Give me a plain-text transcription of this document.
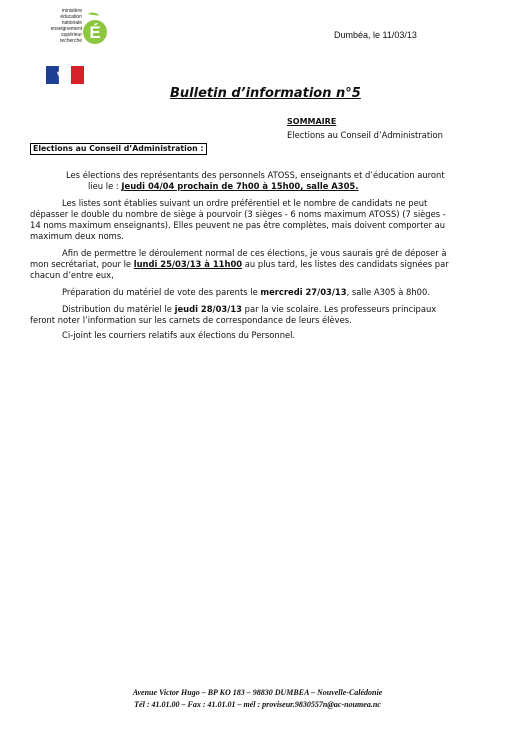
ministère
éducation
nationale
enseignement
supérieur
recherche É	Dumbéa, le 11/03/13
Bulletin d’information n°5
SOMMAIRE
Elections au Conseil d’Administration
Elections au Conseil d’Administration :
Les élections des représentants des personnels ATOSS, enseignants et d’éducation auront
lieu le : Jeudi 04/04 prochain de 7h00 à 15h00, salle A305.
Les listes sont établies suivant un ordre préférentiel et le nombre de candidats ne peut
dépasser le double du nombre de siège à pourvoir (3 sièges - 6 noms maximum ATOSS) (7 sièges -
14 noms maximum enseignants). Elles peuvent ne pas être complètes, mais doivent comporter au
maximum deux noms.
Afin de permettre le déroulement normal de ces élections, je vous saurais gré de déposer à
mon secrétariat, pour le lundi 25/03/13 à 11h00 au plus tard, les listes des candidats signées par
chacun d’entre eux,
Préparation du matériel de vote des parents le mercredi 27/03/13, salle A305 à 8h00.
Distribution du matériel le jeudi 28/03/13 par la vie scolaire. Les professeurs principaux
feront noter l’information sur les carnets de correspondance de leurs élèves.
Ci-joint les courriers relatifs aux élections du Personnel.
Avenue Victor Hugo – BP KO 183 – 98830 DUMBEA – Nouvelle-Calédonie
Tél : 41.01.00 – Fax : 41.01.01 – mél : proviseur.9830557n@ac-noumea.nc
